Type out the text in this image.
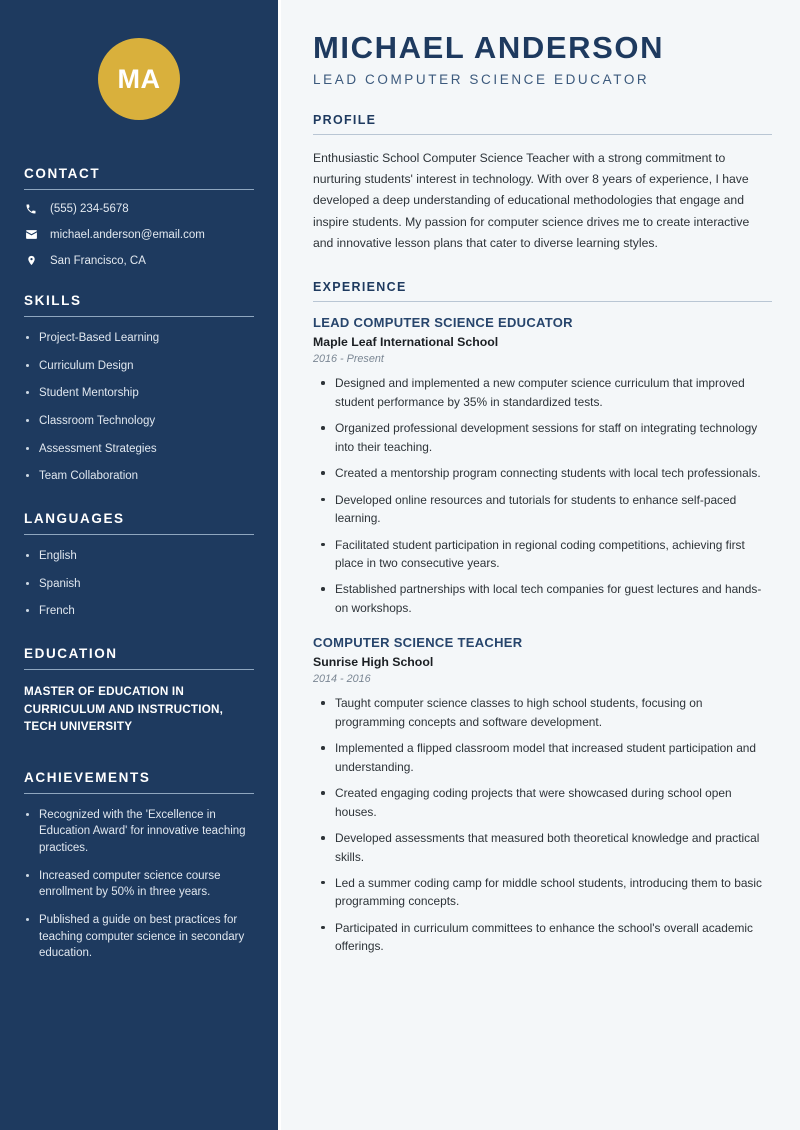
MA
CONTACT
(555) 234-5678
michael.anderson@email.com
San Francisco, CA
SKILLS
Project-Based Learning
Curriculum Design
Student Mentorship
Classroom Technology
Assessment Strategies
Team Collaboration
LANGUAGES
English
Spanish
French
EDUCATION
MASTER OF EDUCATION IN CURRICULUM AND INSTRUCTION, TECH UNIVERSITY
ACHIEVEMENTS
Recognized with the 'Excellence in Education Award' for innovative teaching practices.
Increased computer science course enrollment by 50% in three years.
Published a guide on best practices for teaching computer science in secondary education.
MICHAEL ANDERSON
LEAD COMPUTER SCIENCE EDUCATOR
PROFILE

Enthusiastic School Computer Science Teacher with a strong commitment to nurturing students' interest in technology. With over 8 years of experience, I have developed a deep understanding of educational methodologies that engage and inspire students. My passion for computer science drives me to create interactive and innovative lesson plans that cater to diverse learning styles.

EXPERIENCE
LEAD COMPUTER SCIENCE EDUCATOR
Maple Leaf International School
2016 - Present
Designed and implemented a new computer science curriculum that improved student performance by 35% in standardized tests.
Organized professional development sessions for staff on integrating technology into their teaching.
Created a mentorship program connecting students with local tech professionals.
Developed online resources and tutorials for students to enhance self-paced learning.
Facilitated student participation in regional coding competitions, achieving first place in two consecutive years.
Established partnerships with local tech companies for guest lectures and hands-on workshops.
COMPUTER SCIENCE TEACHER
Sunrise High School
2014 - 2016
Taught computer science classes to high school students, focusing on programming concepts and software development.
Implemented a flipped classroom model that increased student participation and understanding.
Created engaging coding projects that were showcased during school open houses.
Developed assessments that measured both theoretical knowledge and practical skills.
Led a summer coding camp for middle school students, introducing them to basic programming concepts.
Participated in curriculum committees to enhance the school's overall academic offerings.
